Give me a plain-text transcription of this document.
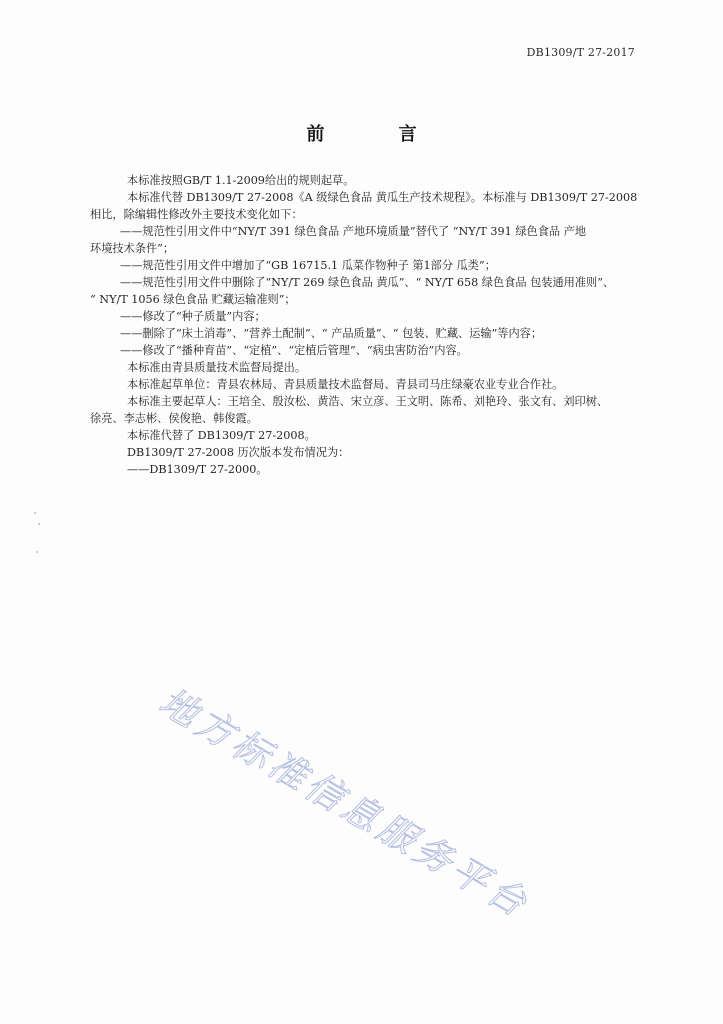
DB1309/T 27-2017
前 言

本标准按照GB/T 1.1-2009给出的规则起草。

本标准代替 DB1309/T 27-2008《A 级绿色食品 黄瓜生产技术规程》。本标准与 DB1309/T 27-2008

相比，除编辑性修改外主要技术变化如下：

——规范性引用文件中“NY/T 391 绿色食品 产地环境质量”替代了 “NY/T 391 绿色食品 产地

环境技术条件”；

——规范性引用文件中增加了“GB 16715.1 瓜菜作物种子 第1部分 瓜类”；

——规范性引用文件中删除了“NY/T 269 绿色食品 黄瓜”、“ NY/T 658 绿色食品 包装通用准则”、

“ NY/T 1056 绿色食品 贮藏运输准则”；

——修改了“种子质量”内容；

——删除了“床土消毒”、“营养土配制”、“ 产品质量”、“ 包装、贮藏、运输”等内容；

——修改了“播种育苗”、“定植”、“定植后管理”、“病虫害防治”内容。

本标准由青县质量技术监督局提出。

本标准起草单位：青县农林局、青县质量技术监督局、青县司马庄绿豪农业专业合作社。

本标准主要起草人：王培全、殷汝松、黄浩、宋立彦、王文明、陈希、刘艳玲、张文有、刘印树、

徐亮、李志彬、侯俊艳、韩俊霞。

本标准代替了 DB1309/T 27-2008。

DB1309/T 27-2008 历次版本发布情况为：

——DB1309/T 27-2000。

地方标准信息服务平台
